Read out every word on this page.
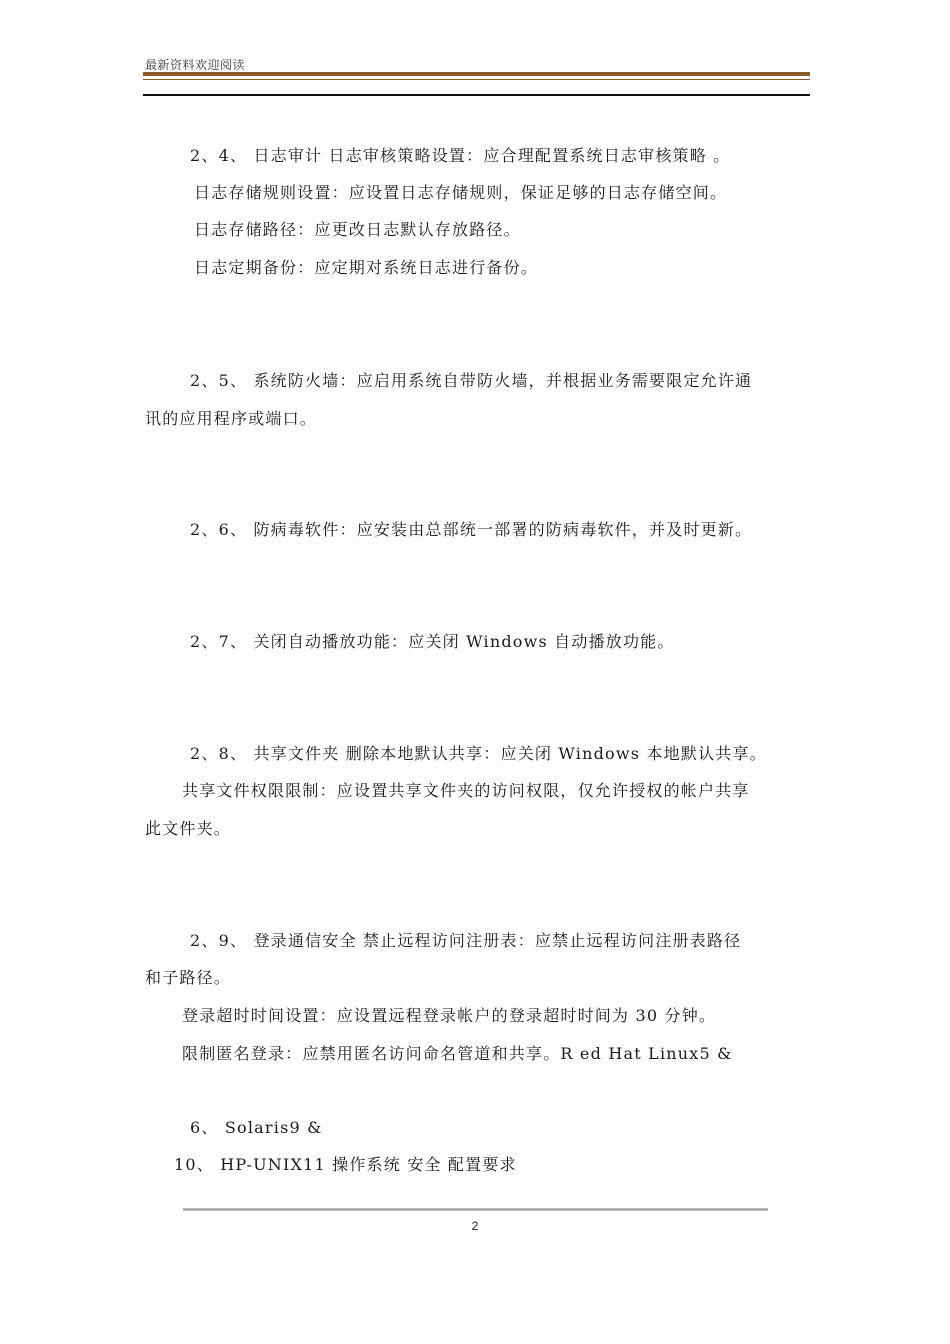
最新资料欢迎阅读
2、4、 日志审计 日志审核策略设置：应合理配置系统日志审核策略 。
日志存储规则设置：应设置日志存储规则，保证足够的日志存储空间。
日志存储路径：应更改日志默认存放路径。
日志定期备份：应定期对系统日志进行备份。
2、5、 系统防火墙：应启用系统自带防火墙，并根据业务需要限定允许通
讯的应用程序或端口。
2、6、 防病毒软件：应安装由总部统一部署的防病毒软件，并及时更新。
2、7、 关闭自动播放功能：应关闭 Windows 自动播放功能。
2、8、 共享文件夹 删除本地默认共享：应关闭 Windows 本地默认共享。
共享文件权限限制：应设置共享文件夹的访问权限，仅允许授权的帐户共享
此文件夹。
2、9、 登录通信安全 禁止远程访问注册表：应禁止远程访问注册表路径
和子路径。
登录超时时间设置：应设置远程登录帐户的登录超时时间为 30 分钟。
限制匿名登录：应禁用匿名访问命名管道和共享。R ed Hat Linux5 &
6、 Solaris9 &
10、 HP-UNIX11 操作系统 安全 配置要求
2
